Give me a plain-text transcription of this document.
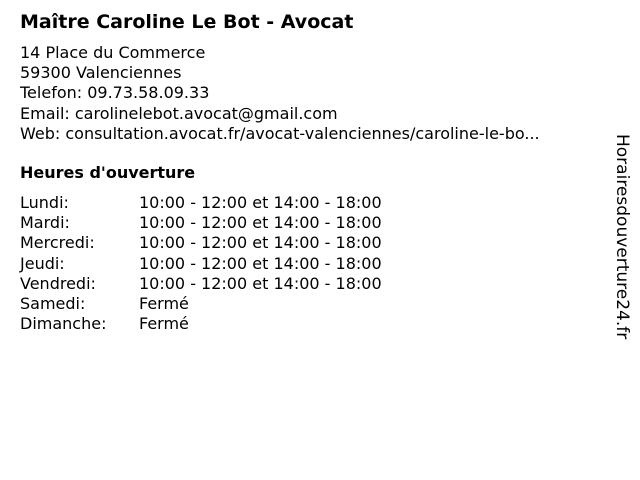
Maître Caroline Le Bot - Avocat
14 Place du Commerce
59300 Valenciennes
Telefon: 09.73.58.09.33
Email: carolinelebot.avocat@gmail.com
Web: consultation.avocat.fr/avocat-valenciennes/caroline-le-bo...
Heures d'ouverture
Lundi:	10:00 - 12:00 et 14:00 - 18:00
Mardi:	10:00 - 12:00 et 14:00 - 18:00
Mercredi:	10:00 - 12:00 et 14:00 - 18:00
Jeudi:	10:00 - 12:00 et 14:00 - 18:00
Vendredi:	10:00 - 12:00 et 14:00 - 18:00
Samedi:	Fermé
Dimanche:	Fermé	Horairesdouverture24.fr
